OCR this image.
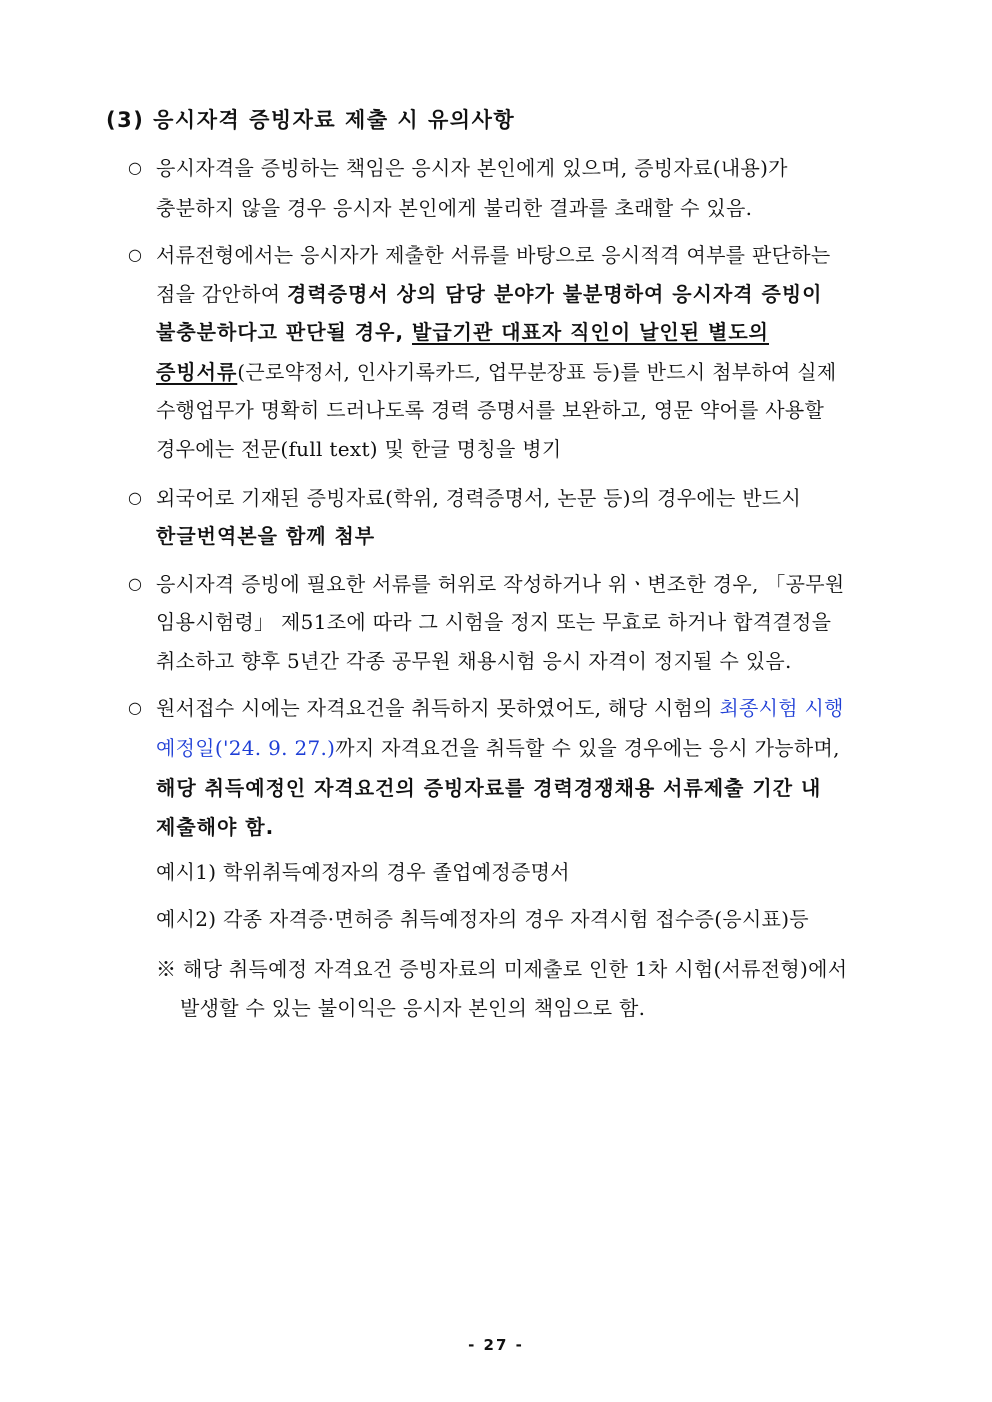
(3) 응시자격 증빙자료 제출 시 유의사항
○ 응시자격을 증빙하는 책임은 응시자 본인에게 있으며, 증빙자료(내용)가
충분하지 않을 경우 응시자 본인에게 불리한 결과를 초래할 수 있음.
○ 서류전형에서는 응시자가 제출한 서류를 바탕으로 응시적격 여부를 판단하는
점을 감안하여 경력증명서 상의 담당 분야가 불분명하여 응시자격 증빙이
불충분하다고 판단될 경우, 발급기관 대표자 직인이 날인된 별도의
증빙서류(근로약정서, 인사기록카드, 업무분장표 등)를 반드시 첨부하여 실제
수행업무가 명확히 드러나도록 경력 증명서를 보완하고, 영문 약어를 사용할
경우에는 전문(full text) 및 한글 명칭을 병기
○ 외국어로 기재된 증빙자료(학위, 경력증명서, 논문 등)의 경우에는 반드시
한글번역본을 함께 첨부
○ 응시자격 증빙에 필요한 서류를 허위로 작성하거나 위ㆍ변조한 경우, 「공무원
임용시험령」 제51조에 따라 그 시험을 정지 또는 무효로 하거나 합격결정을
취소하고 향후 5년간 각종 공무원 채용시험 응시 자격이 정지될 수 있음.
○ 원서접수 시에는 자격요건을 취득하지 못하였어도, 해당 시험의 최종시험 시행
예정일('24. 9. 27.)까지 자격요건을 취득할 수 있을 경우에는 응시 가능하며,
해당 취득예정인 자격요건의 증빙자료를 경력경쟁채용 서류제출 기간 내
제출해야 함.
예시1) 학위취득예정자의 경우 졸업예정증명서
예시2) 각종 자격증·면허증 취득예정자의 경우 자격시험 접수증(응시표)등
※ 해당 취득예정 자격요건 증빙자료의 미제출로 인한 1차 시험(서류전형)에서
발생할 수 있는 불이익은 응시자 본인의 책임으로 함.
- 27 -
